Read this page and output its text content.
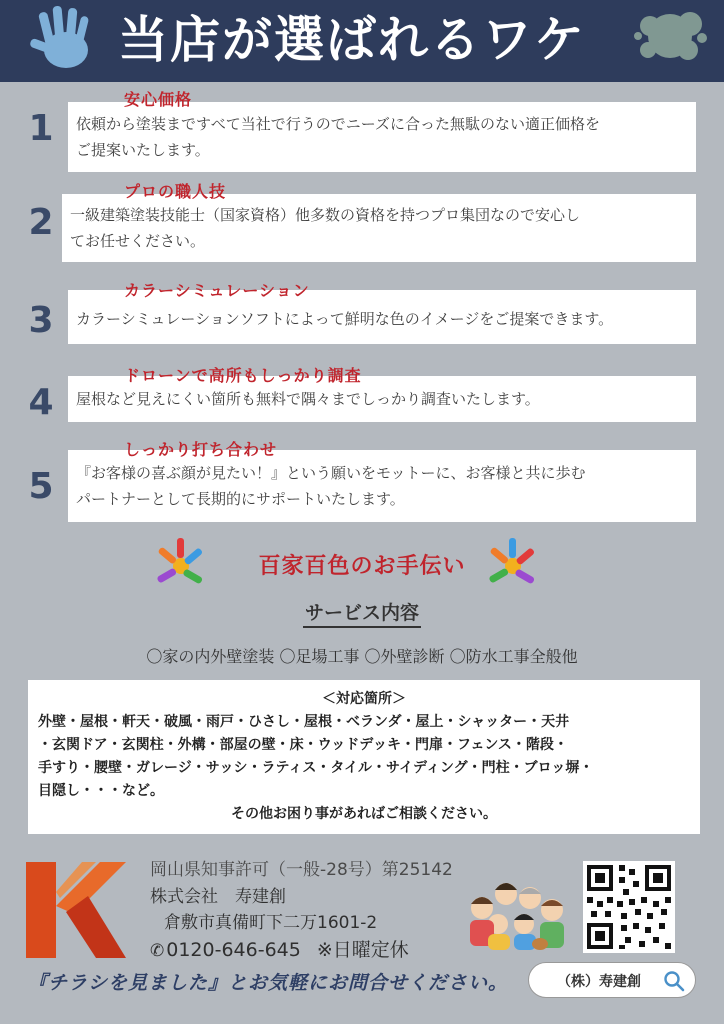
当店が選ばれるワケ
1 依頼から塗装まですべて当社で行うのでニーズに合った無駄のない適正価格を
ご提案いたします。
安心価格
2 一級建築塗装技能士（国家資格）他多数の資格を持つプロ集団なので安心し
てお任せください。
プロの職人技
3 カラーシミュレーションソフトによって鮮明な色のイメージをご提案できます。
カラーシミュレーション
4 屋根など見えにくい箇所も無料で隅々までしっかり調査いたします。
ドローンで高所もしっかり調査
5 『お客様の喜ぶ顔が見たい！』という願いをモットーに、お客様と共に歩む
パートナーとして長期的にサポートいたします。
しっかり打ち合わせ
百家百色のお手伝い
サービス内容
〇家の内外壁塗装 〇足場工事 〇外壁診断 〇防水工事全般他
＜対応箇所＞
外壁・屋根・軒天・破風・雨戸・ひさし・屋根・ベランダ・屋上・シャッター・天井
・玄関ドア・玄関柱・外構・部屋の壁・床・ウッドデッキ・門扉・フェンス・階段・
手すり・腰壁・ガレージ・サッシ・ラティス・タイル・サイディング・門柱・ブロッ塀・
目隠し・・・など。
その他お困り事があればご相談ください。
岡山県知事許可（一般-28号）第25142
株式会社　寿建創
倉敷市真備町下二万1601-2
✆ 0120-646-645 ※日曜定休
『チラシを見ました』とお気軽にお問合せください。	（株）寿建創
